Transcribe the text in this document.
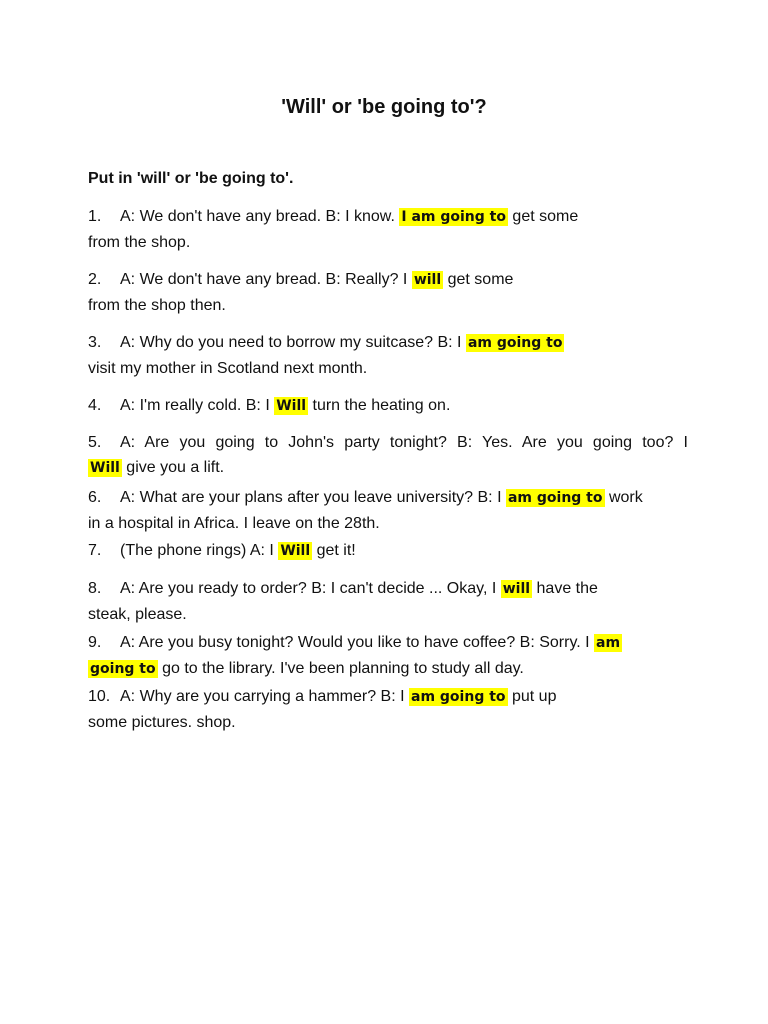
'Will' or 'be going to'?

Put in 'will' or 'be going to'.

1. A: We don't have any bread. B: I know. I am going to get some
from the shop.

2. A: We don't have any bread. B: Really? I will get some
from the shop then.

3. A: Why do you need to borrow my suitcase? B: I am going to
visit my mother in Scotland next month.

4. A: I'm really cold. B: I Will turn the heating on.

5. A: Are you going to John's party tonight? B: Yes. Are you going too? I
Will give you a lift.

6. A: What are your plans after you leave university? B: I am going to work
in a hospital in Africa. I leave on the 28th.

7. (The phone rings) A: I Will get it!

8. A: Are you ready to order? B: I can't decide ... Okay, I will have the
steak, please.

9. A: Are you busy tonight? Would you like to have coffee? B: Sorry. I am
going to go to the library. I've been planning to study all day.

10. A: Why are you carrying a hammer? B: I am going to put up
some pictures. shop.
